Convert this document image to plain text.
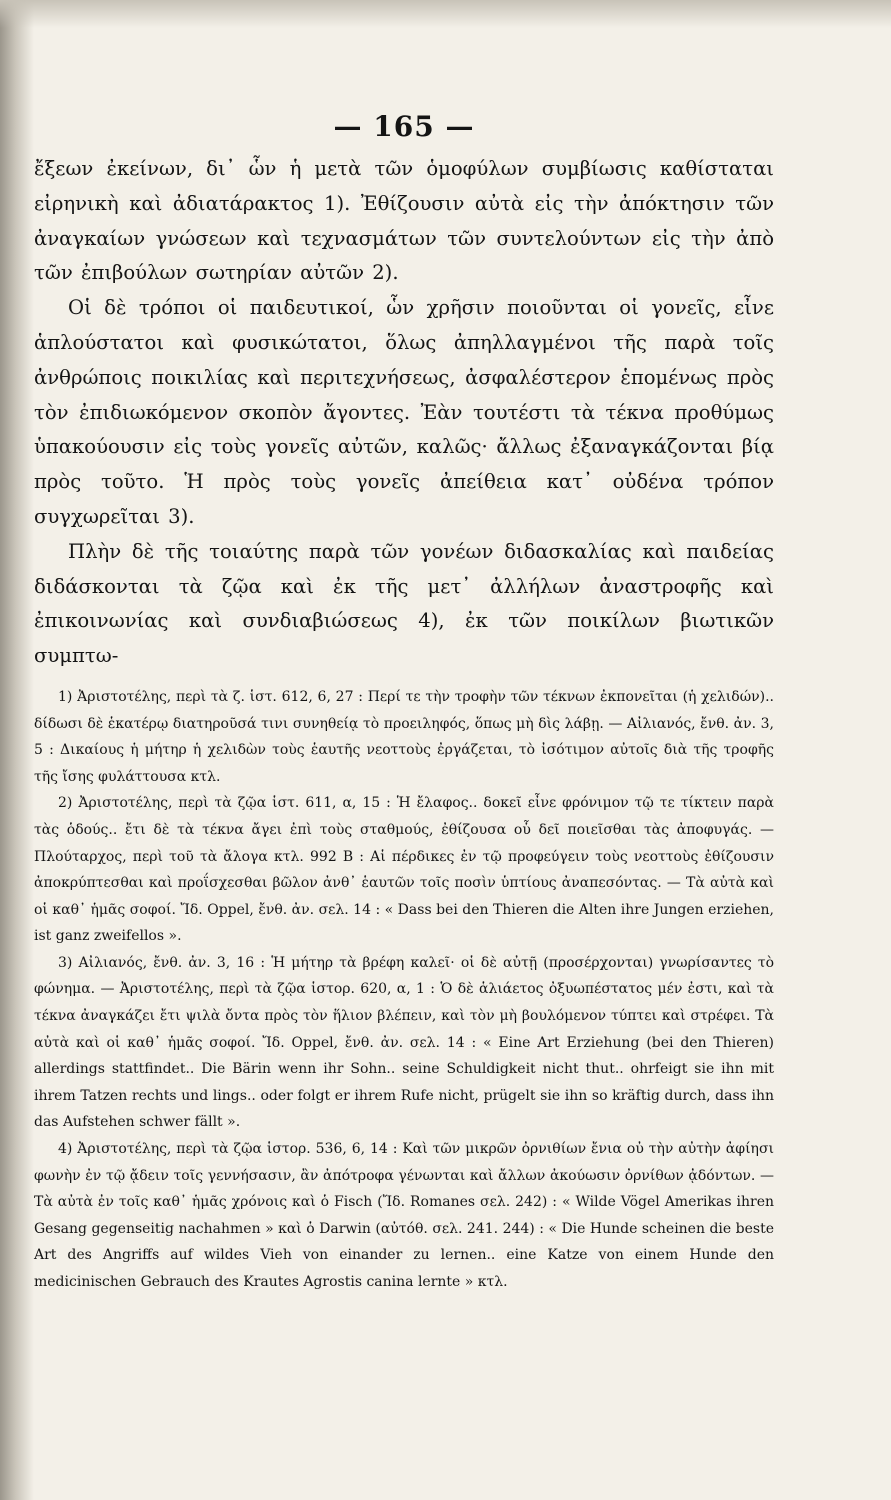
— 165 —

ἔξεων ἐκείνων, δι᾽ ὧν ἡ μετὰ τῶν ὁμοφύλων συμβίωσις καθίσταται εἰρηνικὴ καὶ ἀδιατάρακτος 1). Ἐθίζουσιν αὐτὰ εἰς τὴν ἀπόκτησιν τῶν ἀναγκαίων γνώσεων καὶ τεχνασμάτων τῶν συντελούντων εἰς τὴν ἀπὸ τῶν ἐπιβούλων σωτηρίαν αὐτῶν 2).

Οἱ δὲ τρόποι οἱ παιδευτικοί, ὧν χρῆσιν ποιοῦνται οἱ γονεῖς, εἶνε ἁπλούστατοι καὶ φυσικώτατοι, ὅλως ἀπηλλαγμένοι τῆς παρὰ τοῖς ἀνθρώποις ποικιλίας καὶ περιτεχνήσεως, ἀσφαλέστερον ἑπομένως πρὸς τὸν ἐπιδιωκόμενον σκοπὸν ἄγοντες. Ἐὰν τουτέστι τὰ τέκνα προθύμως ὑπακούουσιν εἰς τοὺς γονεῖς αὐτῶν, καλῶς· ἄλλως ἐξαναγκάζονται βίᾳ πρὸς τοῦτο. Ἡ πρὸς τοὺς γονεῖς ἀπείθεια κατ᾽ οὐδένα τρόπον συγχωρεῖται 3).

Πλὴν δὲ τῆς τοιαύτης παρὰ τῶν γονέων διδασκαλίας καὶ παιδείας διδάσκονται τὰ ζῷα καὶ ἐκ τῆς μετ᾽ ἀλλήλων ἀναστροφῆς καὶ ἐπικοινωνίας καὶ συνδιαβιώσεως 4), ἐκ τῶν ποικίλων βιωτικῶν συμπτω-

1) Ἀριστοτέλης, περὶ τὰ ζ. ἱστ. 612, 6, 27 : Περί τε τὴν τροφὴν τῶν τέκνων ἐκπονεῖται (ἡ χελιδών).. δίδωσι δὲ ἑκατέρῳ διατηροῦσά τινι συνηθείᾳ τὸ προειληφός, ὅπως μὴ δὶς λάβῃ. — Αἰλιανός, ἔνθ. ἀν. 3, 5 : Δικαίους ἡ μήτηρ ἡ χελιδὼν τοὺς ἑαυτῆς νεοττοὺς ἐργάζεται, τὸ ἰσότιμον αὐτοῖς διὰ τῆς τροφῆς τῆς ἴσης φυλάττουσα κτλ.

2) Ἀριστοτέλης, περὶ τὰ ζῷα ἱστ. 611, α, 15 : Ἡ ἔλαφος.. δοκεῖ εἶνε φρόνιμον τῷ τε τίκτειν παρὰ τὰς ὁδούς.. ἔτι δὲ τὰ τέκνα ἄγει ἐπὶ τοὺς σταθμούς, ἐθίζουσα οὗ δεῖ ποιεῖσθαι τὰς ἀποφυγάς. — Πλούταρχος, περὶ τοῦ τὰ ἄλογα κτλ. 992 Β : Αἱ πέρδικες ἐν τῷ προφεύγειν τοὺς νεοττοὺς ἐθίζουσιν ἀποκρύπτεσθαι καὶ προΐσχεσθαι βῶλον ἀνθ᾽ ἑαυτῶν τοῖς ποσὶν ὑπτίους ἀναπεσόντας. — Τὰ αὐτὰ καὶ οἱ καθ᾽ ἡμᾶς σοφοί. Ἴδ. Oppel, ἔνθ. ἀν. σελ. 14 : « Dass bei den Thieren die Alten ihre Jungen erziehen, ist ganz zweifellos ».

3) Αἰλιανός, ἔνθ. ἀν. 3, 16 : Ἡ μήτηρ τὰ βρέφη καλεῖ· οἱ δὲ αὐτῇ (προσέρχονται) γνωρίσαντες τὸ φώνημα. — Ἀριστοτέλης, περὶ τὰ ζῷα ἱστορ. 620, α, 1 : Ὁ δὲ ἁλιάετος ὀξυωπέστατος μέν ἐστι, καὶ τὰ τέκνα ἀναγκάζει ἔτι ψιλὰ ὄντα πρὸς τὸν ἥλιον βλέπειν, καὶ τὸν μὴ βουλόμενον τύπτει καὶ στρέφει. Τὰ αὐτὰ καὶ οἱ καθ᾽ ἡμᾶς σοφοί. Ἴδ. Oppel, ἔνθ. ἀν. σελ. 14 : « Eine Art Erziehung (bei den Thieren) allerdings stattfindet.. Die Bärin wenn ihr Sohn.. seine Schuldigkeit nicht thut.. ohrfeigt sie ihn mit ihrem Tatzen rechts und lings.. oder folgt er ihrem Rufe nicht, prügelt sie ihn so kräftig durch, dass ihn das Aufstehen schwer fällt ».

4) Ἀριστοτέλης, περὶ τὰ ζῷα ἱστορ. 536, 6, 14 : Καὶ τῶν μικρῶν ὀρνιθίων ἔνια οὐ τὴν αὐτὴν ἀφίησι φωνὴν ἐν τῷ ᾄδειν τοῖς γεννήσασιν, ἂν ἀπότροφα γένωνται καὶ ἄλλων ἀκούωσιν ὀρνίθων ᾀδόντων. — Τὰ αὐτὰ ἐν τοῖς καθ᾽ ἡμᾶς χρόνοις καὶ ὁ Fisch (Ἴδ. Romanes σελ. 242) : « Wilde Vögel Amerikas ihren Gesang gegenseitig nachahmen » καὶ ὁ Darwin (αὐτόθ. σελ. 241. 244) : « Die Hunde scheinen die beste Art des Angriffs auf wildes Vieh von einander zu lernen.. eine Katze von einem Hunde den medicinischen Gebrauch des Krautes Agrostis canina lernte » κτλ.
